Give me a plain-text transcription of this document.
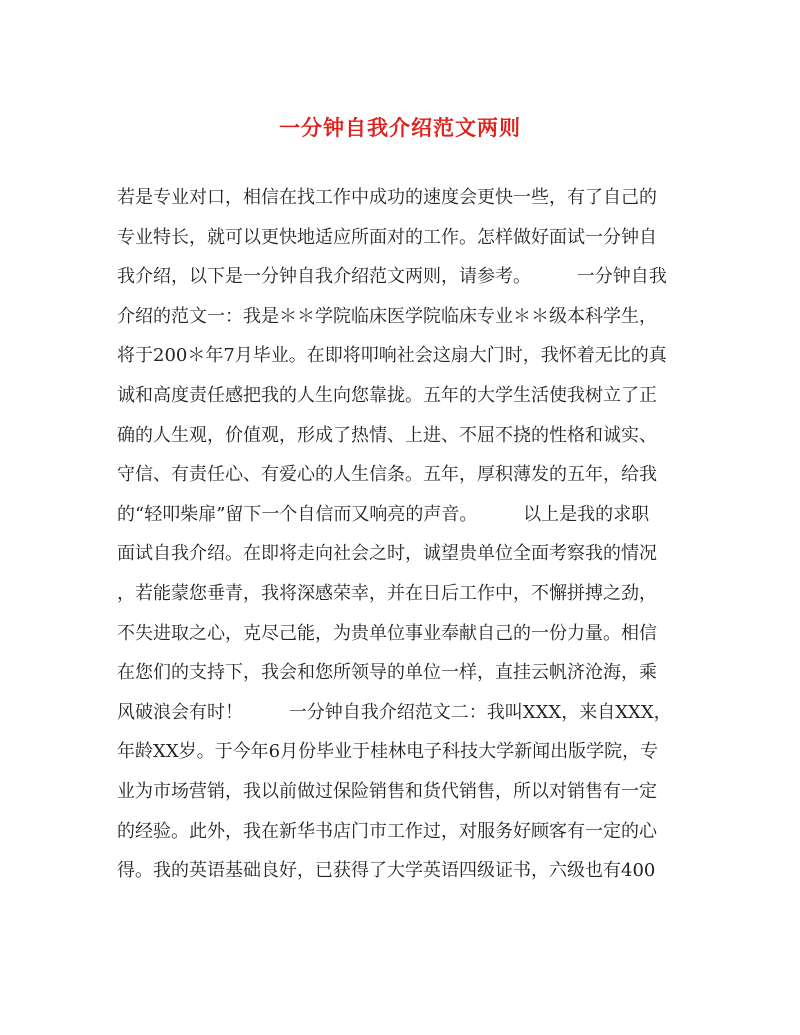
一分钟自我介绍范文两则
若是专业对口，相信在找工作中成功的速度会更快一些，有了自己的
专业特长，就可以更快地适应所面对的工作。怎样做好面试一分钟自
我介绍，以下是一分钟自我介绍范文两则，请参考。        一分钟自我
介绍的范文一：我是＊＊学院临床医学院临床专业＊＊级本科学生，
将于200＊年7月毕业。在即将叩响社会这扇大门时，我怀着无比的真
诚和高度责任感把我的人生向您靠拢。五年的大学生活使我树立了正
确的人生观，价值观，形成了热情、上进、不屈不挠的性格和诚实、
守信、有责任心、有爱心的人生信条。五年，厚积薄发的五年，给我
的“轻叩柴扉”留下一个自信而又响亮的声音。        以上是我的求职
面试自我介绍。在即将走向社会之时，诚望贵单位全面考察我的情况
，若能蒙您垂青，我将深感荣幸，并在日后工作中，不懈拼搏之劲，
不失进取之心，克尽己能，为贵单位事业奉献自己的一份力量。相信
在您们的支持下，我会和您所领导的单位一样，直挂云帆济沧海，乘
风破浪会有时！        一分钟自我介绍范文二：我叫XXX，来自XXX，
年龄XX岁。于今年6月份毕业于桂林电子科技大学新闻出版学院，专
业为市场营销，我以前做过保险销售和货代销售，所以对销售有一定
的经验。此外，我在新华书店门市工作过，对服务好顾客有一定的心
得。我的英语基础良好，已获得了大学英语四级证书，六级也有400
